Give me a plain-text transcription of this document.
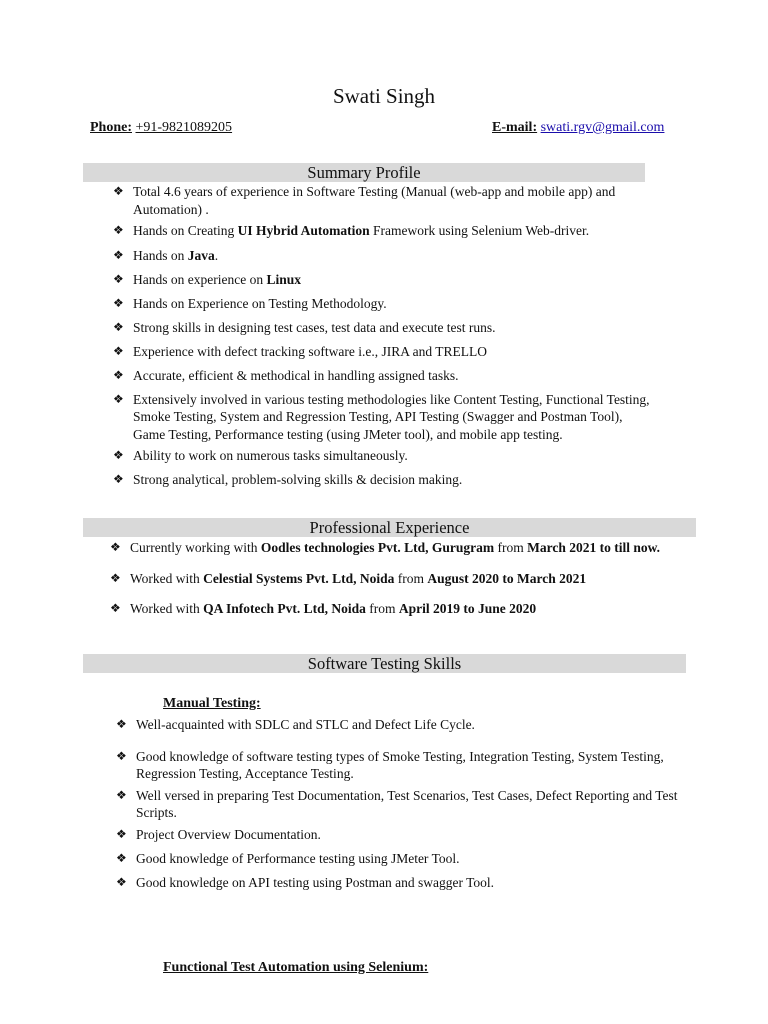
Swati Singh
Phone: +91-9821089205	E-mail: swati.rgv@gmail.com
Summary Profile
❖ Total 4.6 years of experience in Software Testing (Manual (web-app and mobile app) and Automation) .
❖ Hands on Creating UI Hybrid Automation Framework using Selenium Web-driver.
❖ Hands on Java.
❖ Hands on experience on Linux
❖ Hands on Experience on Testing Methodology.
❖ Strong skills in designing test cases, test data and execute test runs.
❖ Experience with defect tracking software i.e., JIRA and TRELLO
❖ Accurate, efficient & methodical in handling assigned tasks.
❖ Extensively involved in various testing methodologies like Content Testing, Functional Testing, Smoke Testing, System and Regression Testing, API Testing (Swagger and Postman Tool), Game Testing, Performance testing (using JMeter tool), and mobile app testing.
❖ Ability to work on numerous tasks simultaneously.
❖ Strong analytical, problem-solving skills & decision making.
Professional Experience
❖ Currently working with Oodles technologies Pvt. Ltd, Gurugram from March 2021 to till now.
❖ Worked with Celestial Systems Pvt. Ltd, Noida from August 2020 to March 2021
❖ Worked with QA Infotech Pvt. Ltd, Noida from April 2019 to June 2020
Software Testing Skills
Manual Testing:
❖ Well-acquainted with SDLC and STLC and Defect Life Cycle.
❖ Good knowledge of software testing types of Smoke Testing, Integration Testing, System Testing, Regression Testing, Acceptance Testing.
❖ Well versed in preparing Test Documentation, Test Scenarios, Test Cases, Defect Reporting and Test Scripts.
❖ Project Overview Documentation.
❖ Good knowledge of Performance testing using JMeter Tool.
❖ Good knowledge on API testing using Postman and swagger Tool.
Functional Test Automation using Selenium:
